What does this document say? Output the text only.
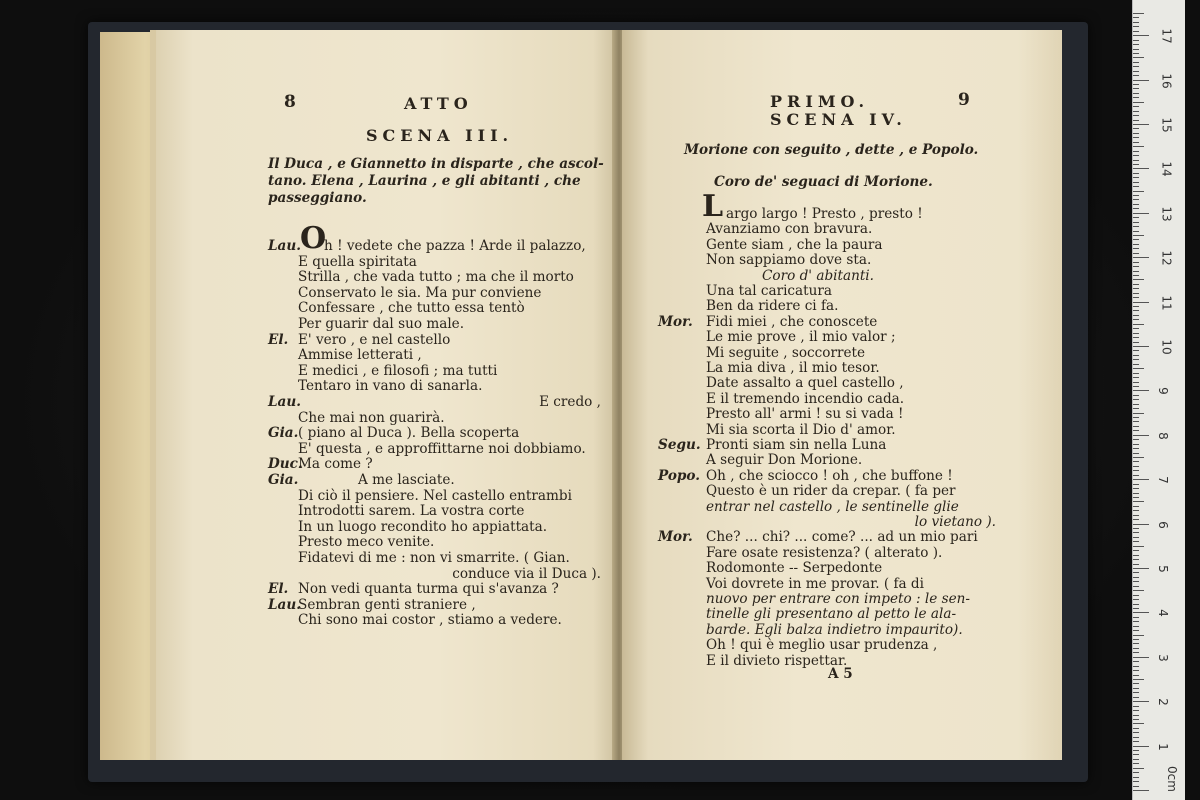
8	ATTO
SCENA III.
Il Duca , e Giannetto in disparte , che ascol-
tano. Elena , Laurina , e gli abitanti , che
passeggiano.
Lau. O
h ! vedete che pazza ! Arde il palazzo,
E quella spiritata
Strilla , che vada tutto ; ma che il morto
Conservato le sia. Ma pur conviene
Confessare , che tutto essa tentò
Per guarir dal suo male.
El. E' vero , e nel castello
Ammise letterati ,
E medici , e filosofi ; ma tutti
Tentaro in vano di sanarla.
Lau.	E credo ,
Che mai non guarirà.
Gia. ( piano al Duca ). Bella scoperta
E' questa , e approffittarne noi dobbiamo.
Duc.
Ma come ?
Gia.	A me lasciate.
Di ciò il pensiere. Nel castello entrambi
Introdotti sarem. La vostra corte
In un luogo recondito ho appiattata.
Presto meco venite.
Fidatevi di me : non vi smarrite. ( Gian.
conduce via il Duca ).
El. Non vedi quanta turma qui s'avanza ?
Lau.
Sembran genti straniere ,
Chi sono mai costor , stiamo a vedere.
PRIMO.	9
SCENA IV.
Morione con seguito , dette , e Popolo.
Coro de' seguaci di Morione.
L argo largo ! Presto , presto !
Avanziamo con bravura.
Gente siam , che la paura
Non sappiamo dove sta.
Coro d' abitanti.
Una tal caricatura
Ben da ridere ci fa.
Mor. Fidi miei , che conoscete
Le mie prove , il mio valor ;
Mi seguite , soccorrete
La mia diva , il mio tesor.
Date assalto a quel castello ,
E il tremendo incendio cada.
Presto all' armi ! su si vada !
Mi sia scorta il Dio d' amor.
Segu. Pronti siam sin nella Luna
A seguir Don Morione.
Popo. Oh , che sciocco ! oh , che buffone !
Questo è un rider da crepar. ( fa per
entrar nel castello , le sentinelle glie
lo vietano ).
Mor. Che? ... chi? ... come? ... ad un mio pari
Fare osate resistenza? ( alterato ).
Rodomonte -- Serpedonte
Voi dovrete in me provar. ( fa di
nuovo per entrare con impeto : le sen-
tinelle gli presentano al petto le ala-
barde. Egli balza indietro impaurito).
Oh ! qui è meglio usar prudenza ,
E il divieto rispettar.
A 5
0cm
1
2
3
4
5
6
7
8
9
10
11
12
13
14
15
16
17
